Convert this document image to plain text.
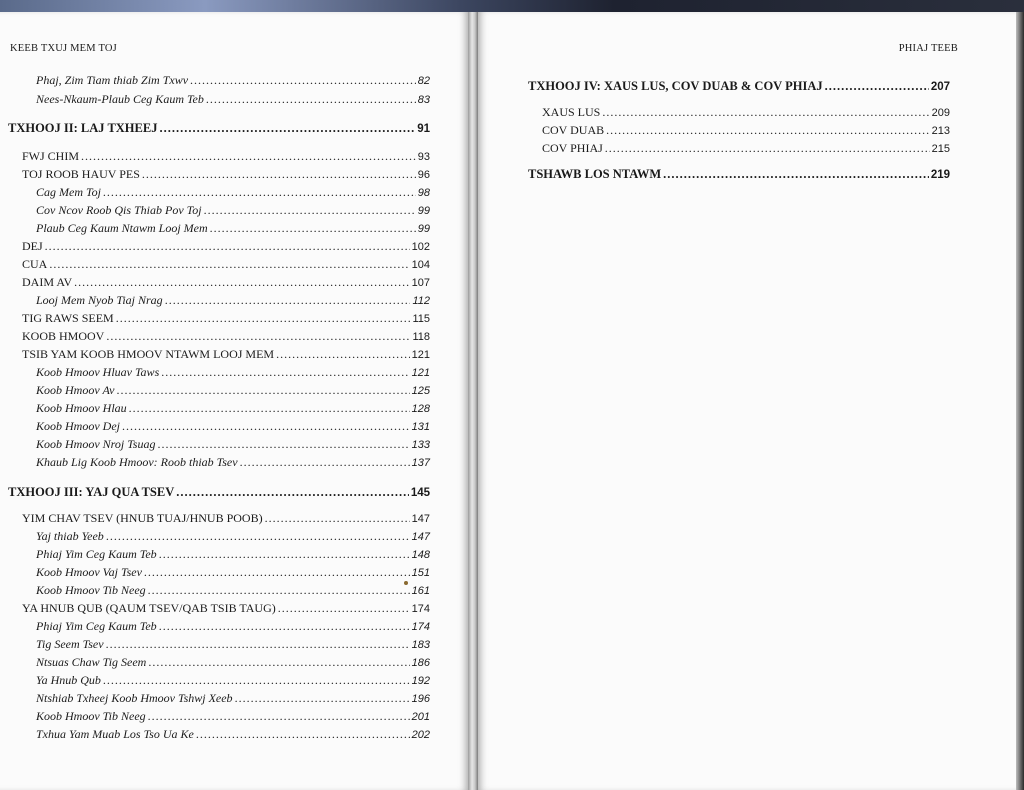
KEEB TXUJ MEM TOJ	PHIAJ TEEB
Phaj, Zim Tiam thiab Zim Txwv .....	82
Nees-Nkaum-Plaub Ceg Kaum Teb .....	83
TXHOOJ II: LAJ TXHEEJ .....	91
FWJ CHIM .....	93
TOJ ROOB HAUV PES .....	96
Cag Mem Toj .....	98
Cov Ncov Roob Qis Thiab Pov Toj .....	99
Plaub Ceg Kaum Ntawm Looj Mem .....	99
DEJ .....	102
CUA .....	104
DAIM AV .....	107
Looj Mem Nyob Tiaj Nrag .....	112
TIG RAWS SEEM .....	115
KOOB HMOOV .....	118
TSIB YAM KOOB HMOOV NTAWM LOOJ MEM .....	121
Koob Hmoov Hluav Taws .....	121
Koob Hmoov Av .....	125
Koob Hmoov Hlau .....	128
Koob Hmoov Dej .....	131
Koob Hmoov Nroj Tsuag .....	133
Khaub Lig Koob Hmoov: Roob thiab Tsev .....	137
TXHOOJ III: YAJ QUA TSEV .....	145
YIM CHAV TSEV (HNUB TUAJ/HNUB POOB) .....	147
Yaj thiab Yeeb .....	147
Phiaj Yim Ceg Kaum Teb .....	148
Koob Hmoov Vaj Tsev .....	151
Koob Hmoov Tib Neeg .....	161
YA HNUB QUB (QAUM TSEV/QAB TSIB TAUG) .....	174
Phiaj Yim Ceg Kaum Teb .....	174
Tig Seem Tsev .....	183
Ntsuas Chaw Tig Seem .....	186
Ya Hnub Qub .....	192
Ntshiab Txheej Koob Hmoov Tshwj Xeeb .....	196
Koob Hmoov Tib Neeg .....	201
Txhua Yam Muab Los Tso Ua Ke .....	202
TXHOOJ IV: XAUS LUS, COV DUAB & COV PHIAJ .....	207
XAUS LUS .....	209
COV DUAB .....	213
COV PHIAJ .....	215
TSHAWB LOS NTAWM .....	219
